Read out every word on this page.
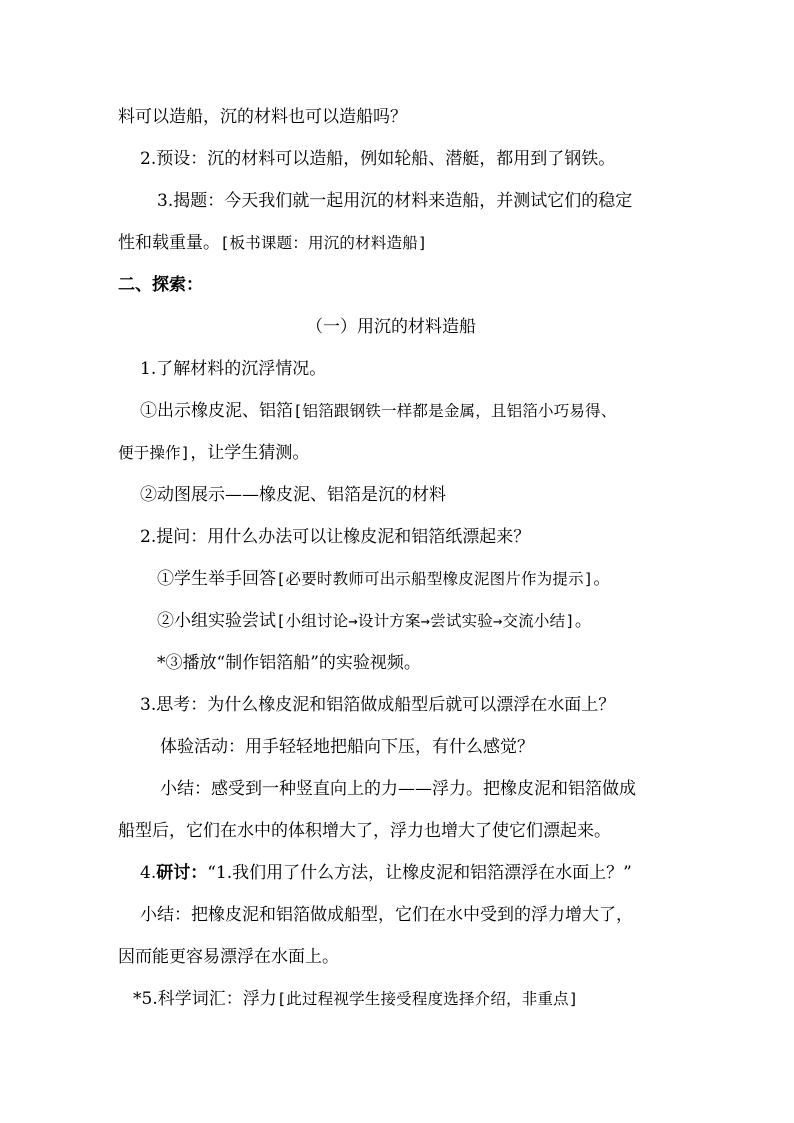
料可以造船，沉的材料也可以造船吗？
2.预设：沉的材料可以造船，例如轮船、潜艇，都用到了钢铁。
3.揭题：今天我们就一起用沉的材料来造船，并测试它们的稳定
性和载重量。[板书课题：用沉的材料造船]
二、探索：
（一）用沉的材料造船
1.了解材料的沉浮情况。
①出示橡皮泥、铝箔[铝箔跟钢铁一样都是金属，且铝箔小巧易得、
便于操作]，让学生猜测。
②动图展示——橡皮泥、铝箔是沉的材料
2.提问：用什么办法可以让橡皮泥和铝箔纸漂起来？
①学生举手回答[必要时教师可出示船型橡皮泥图片作为提示]。
②小组实验尝试[小组讨论→设计方案→尝试实验→交流小结]。
*③播放“制作铝箔船”的实验视频。
3.思考：为什么橡皮泥和铝箔做成船型后就可以漂浮在水面上？
体验活动：用手轻轻地把船向下压，有什么感觉？
小结：感受到一种竖直向上的力——浮力。把橡皮泥和铝箔做成
船型后，它们在水中的体积增大了，浮力也增大了使它们漂起来。
4.研讨：“1.我们用了什么方法，让橡皮泥和铝箔漂浮在水面上？”
小结：把橡皮泥和铝箔做成船型，它们在水中受到的浮力增大了，
因而能更容易漂浮在水面上。
*5.科学词汇：浮力[此过程视学生接受程度选择介绍，非重点]
